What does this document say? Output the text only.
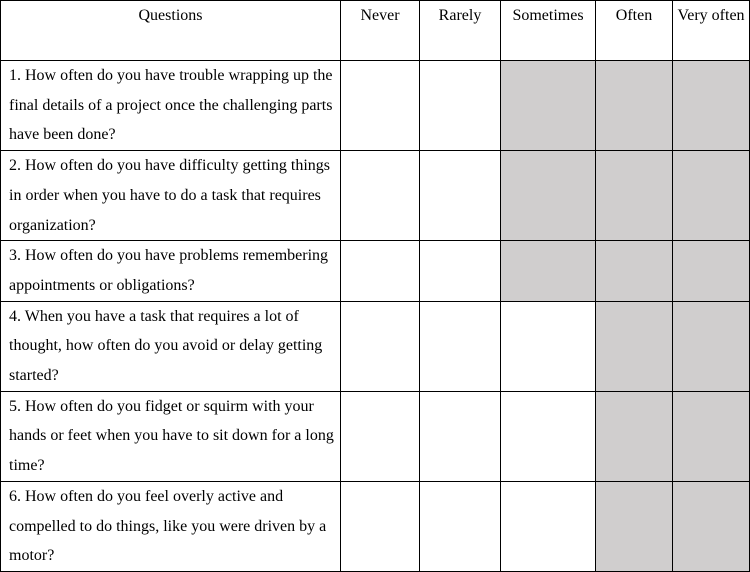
Questions	Never	Rarely	Sometimes	Often	Very often
1. How often do you have trouble wrapping up the final details of a project once the challenging parts have been done?					
2. How often do you have difficulty getting things in order when you have to do a task that requires organization?					
3. How often do you have problems remembering appointments or obligations?					
4. When you have a task that requires a lot of thought, how often do you avoid or delay getting started?					
5. How often do you fidget or squirm with your hands or feet when you have to sit down for a long time?					
6. How often do you feel overly active and compelled to do things, like you were driven by a motor?					
